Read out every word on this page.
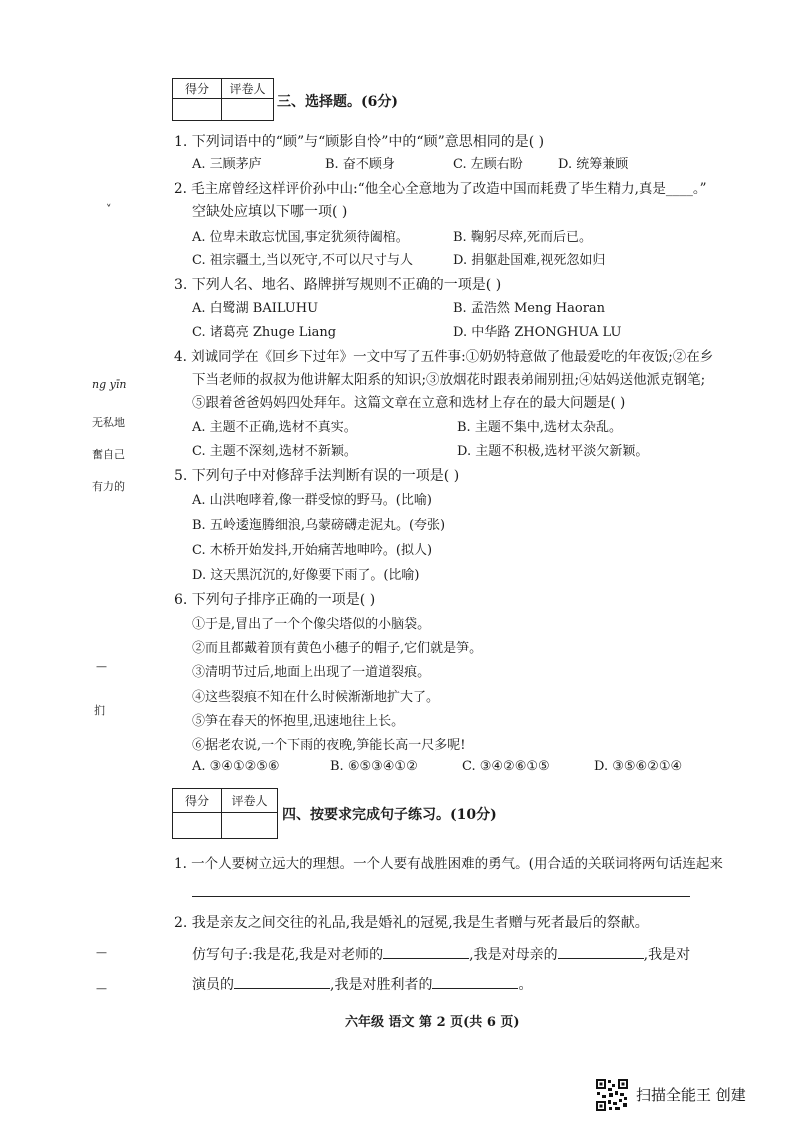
ng yīn
无私地
奮自己
有力的
—
扪
—
—
˅
得分	评卷人

三、选择题。(6分)
1. 下列词语中的“顾”与“顾影自怜”中的“顾”意思相同的是( )
A. 三顾茅庐	B. 奋不顾身	C. 左顾右盼	D. 统筹兼顾
2. 毛主席曾经这样评价孙中山:“他全心全意地为了改造中国而耗费了毕生精力,真是____。”
空缺处应填以下哪一项( )
A. 位卑未敢忘忧国,事定犹须待阖棺。	B. 鞠躬尽瘁,死而后已。
C. 祖宗疆土,当以死守,不可以尺寸与人	D. 捐躯赴国难,视死忽如归
3. 下列人名、地名、路牌拼写规则不正确的一项是( )
A. 白鹭湖 BAILUHU	B. 孟浩然 Meng Haoran
C. 诸葛亮 Zhuge Liang	D. 中华路 ZHONGHUA LU
4. 刘诚同学在《回乡下过年》一文中写了五件事:①奶奶特意做了他最爱吃的年夜饭;②在乡
下当老师的叔叔为他讲解太阳系的知识;③放烟花时跟表弟闹别扭;④姑妈送他派克钢笔;
⑤跟着爸爸妈妈四处拜年。这篇文章在立意和选材上存在的最大问题是( )
A. 主题不正确,选材不真实。	B. 主题不集中,选材太杂乱。
C. 主题不深刻,选材不新颖。	D. 主题不积极,选材平淡欠新颖。
5. 下列句子中对修辞手法判断有误的一项是( )
A. 山洪咆哮着,像一群受惊的野马。(比喻)
B. 五岭逶迤腾细浪,乌蒙磅礴走泥丸。(夸张)
C. 木桥开始发抖,开始痛苦地呻吟。(拟人)
D. 这天黑沉沉的,好像要下雨了。(比喻)
6. 下列句子排序正确的一项是( )
①于是,冒出了一个个像尖塔似的小脑袋。
②而且都戴着顶有黄色小穗子的帽子,它们就是笋。
③清明节过后,地面上出现了一道道裂痕。
④这些裂痕不知在什么时候渐渐地扩大了。
⑤笋在春天的怀抱里,迅速地往上长。
⑥据老农说,一个下雨的夜晚,笋能长高一尺多呢!
A. ③④①②⑤⑥	B. ⑥⑤③④①②	C. ③④②⑥①⑤	D. ③⑤⑥②①④
得分	评卷人

四、按要求完成句子练习。(10分)
1. 一个人要树立远大的理想。一个人要有战胜困难的勇气。(用合适的关联词将两句话连起来
2. 我是亲友之间交往的礼品,我是婚礼的冠冕,我是生者赠与死者最后的祭献。
仿写句子:我是花,我是对老师的	,我是对母亲的	,我是对
演员的	,我是对胜利者的	。
六年级 语文 第 2 页(共 6 页)
扫描全能王 创建
